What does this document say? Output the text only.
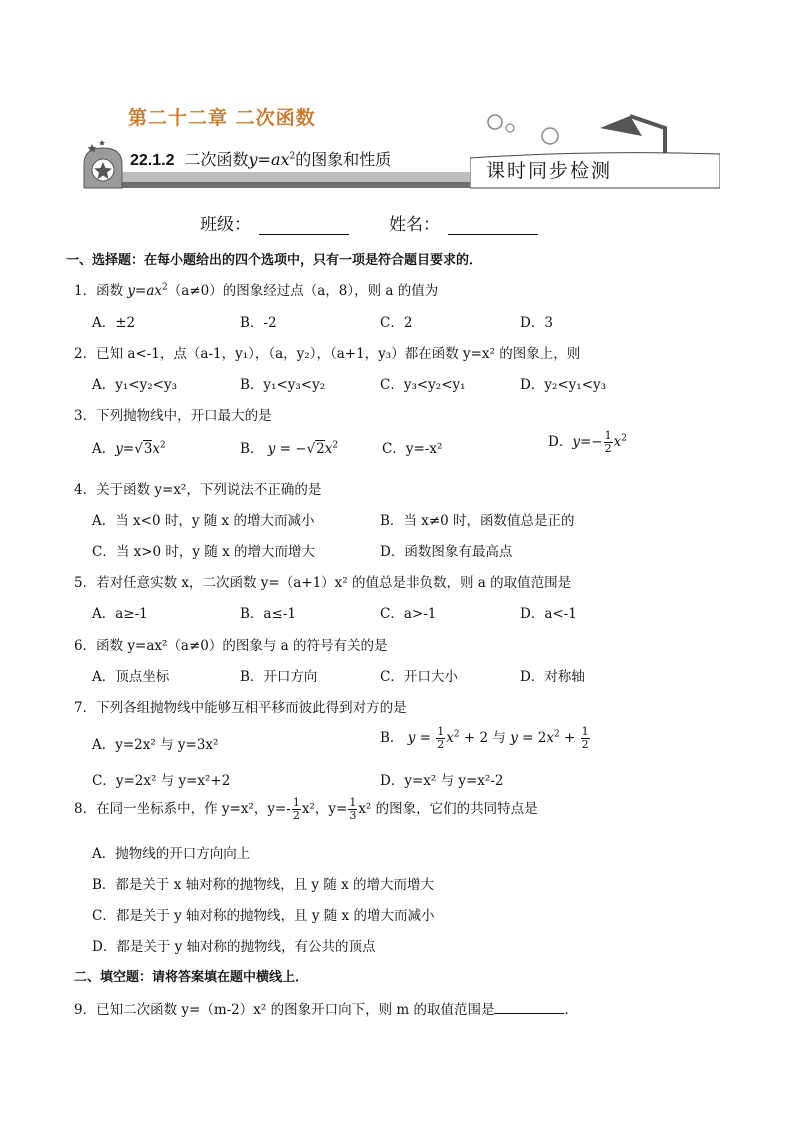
课时同步检测
第二十二章 二次函数
22.1.2 二次函数$y=ax^2$的图象和性质
班级：	姓名：
一、选择题：在每小题给出的四个选项中，只有一项是符合题目要求的．
1．函数 $y=ax^2(a\ne 0)$的图象经过点（a，8），则 a 的值为
A．±2	B．-2	C．2	D．3
2．已知 a<-1，点（a-1，y₁），（a，y₂），（a+1，y₃）都在函数 y=x² 的图象上，则
A．y₁<y₂<y₃	B．y₁<y₃<y₂	C．y₃<y₂<y₁	D．y₂<y₁<y₃
3．下列抛物线中，开口最大的是
A．$y=√3x^2$	B． $y = -√2x^2$	C．y=-x²	D．$y=- \frac{1}{2} x^2$
4．关于函数 y=x²，下列说法不正确的是
A．当 x<0 时，y 随 x 的增大而减小	B．当 x≠0 时，函数值总是正的
C．当 x>0 时，y 随 x 的增大而增大	D．函数图象有最高点
5．若对任意实数 x，二次函数 y=（a+1）x² 的值总是非负数，则 a 的取值范围是
A．a≥-1	B．a≤-1	C．a>-1	D．a<-1
6．函数 y=ax²（a≠0）的图象与 a 的符号有关的是
A．顶点坐标	B．开口方向	C．开口大小	D．对称轴
7．下列各组抛物线中能够互相平移而彼此得到对方的是
A．y=2x² 与 y=3x²	B． $y = \frac{1}{2} x^2 + 2$ 与 $y = 2x^2 + \frac{1}{2}$
C．y=2x² 与 y=x²+2	D．y=x² 与 y=x²-2
8．在同一坐标系中，作 y=x²，$y=- \frac{1}{2} x^2$，$y= \frac{1}{3} x^2$ 的图象，它们的共同特点是
A．抛物线的开口方向向上
B．都是关于 x 轴对称的抛物线，且 y 随 x 的增大而增大
C．都是关于 y 轴对称的抛物线，且 y 随 x 的增大而减小
D．都是关于 y 轴对称的抛物线，有公共的顶点
二、填空题：请将答案填在题中横线上．
9．已知二次函数 y=（m-2）x² 的图象开口向下，则 m 的取值范围是	．
